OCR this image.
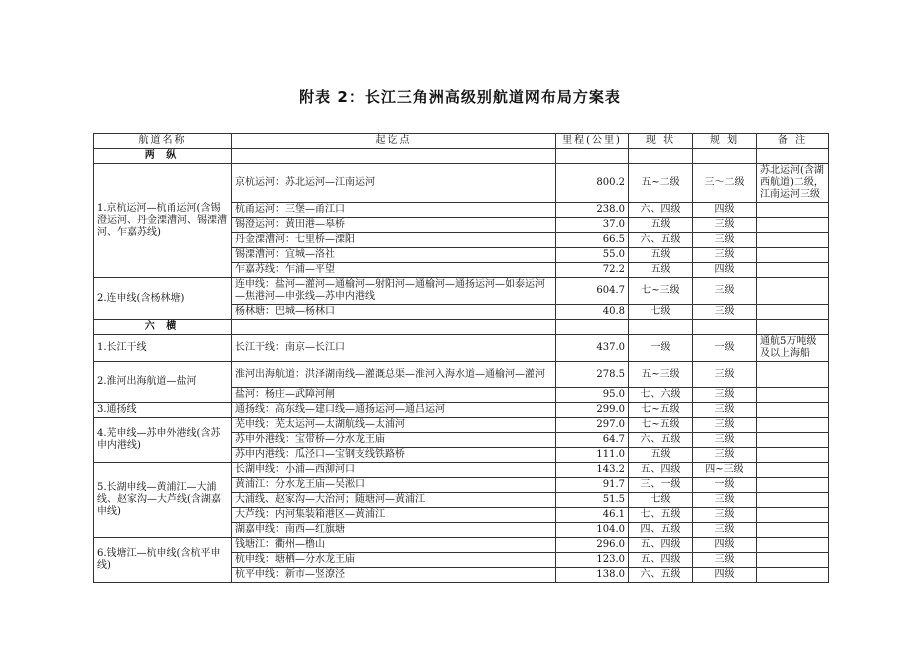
附表 2：长江三角洲高级别航道网布局方案表
航道名称	起讫点	里程(公里)	现 状	规 划	备 注
两 纵					
1.京杭运河—杭甬运河(含锡澄运河、丹金溧漕河、锡溧漕河、乍嘉苏线)	京杭运河：苏北运河—江南运河	800.2	五~二级	三～二级	苏北运河(含湖西航道)二级，江南运河三级
	杭甬运河：三堡—甬江口	238.0	六、四级	四级	
	锡澄运河：黄田港—皋桥	37.0	五级	三级	
	丹金溧漕河：七里桥—溧阳	66.5	六、五级	三级	
	锡溧漕河：宜城—洛社	55.0	五级	三级	
	乍嘉苏线：乍浦—平望	72.2	五级	四级	
2.连申线(含杨林塘)	连申线：盐河—灌河—通榆河—射阳河—通榆河—通扬运河—如泰运河—焦港河—申张线—苏申内港线	604.7	七~三级	三级	
	杨林塘：巴城—杨林口	40.8	七级	三级	
六 横					
1.长江干线	长江干线：南京—长江口	437.0	一级	一级	通航5万吨级及以上海船
2.淮河出海航道—盐河	淮河出海航道：洪泽湖南线—灌溉总渠—淮河入海水道—通榆河—灌河	278.5	五~三级	三级	
	盐河：杨庄—武障河闸	95.0	七、六级	三级	
3.通扬线	通扬线：高东线—建口线—通扬运河—通吕运河	299.0	七~五级	三级	
4.芜申线—苏申外港线(含苏申内港线)	芜申线：芜太运河—太湖航线—太浦河	297.0	七~五级	三级	
	苏申外港线：宝带桥—分水龙王庙	64.7	六、五级	三级	
	苏申内港线：瓜泾口—宝钢支线铁路桥	111.0	五级	三级	
5.长湖申线—黄浦江—大浦线、赵家沟—大芦线(含湖嘉申线)	长湖申线：小浦—西泖河口	143.2	五、四级	四~三级	
	黄浦江：分水龙王庙—吴淞口	91.7	三、一级	一级	
	大浦线、赵家沟—大治河；随塘河—黄浦江	51.5	七级	三级	
	大芦线：内河集装箱港区—黄浦江	46.1	七、五级	三级	
	湖嘉申线：南西—红旗塘	104.0	四、五级	三级	
6.钱塘江—杭申线(含杭平申线)	钱塘江：衢州—橹山	296.0	五、四级	四级	
	杭申线：塘栖—分水龙王庙	123.0	五、四级	三级	
	杭平申线：新市—竖潦泾	138.0	六、五级	四级	
